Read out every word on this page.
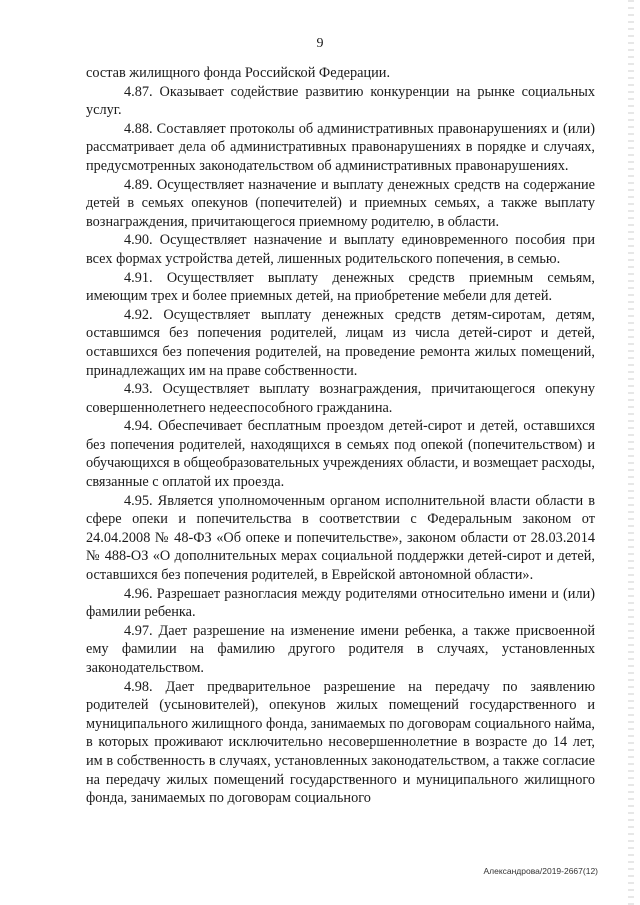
9

состав жилищного фонда Российской Федерации.

4.87. Оказывает содействие развитию конкуренции на рынке социальных услуг.

4.88. Составляет протоколы об административных правонарушениях и (или) рассматривает дела об административных правонарушениях в порядке и случаях, предусмотренных законодательством об административных правонарушениях.

4.89. Осуществляет назначение и выплату денежных средств на содержание детей в семьях опекунов (попечителей) и приемных семьях, а также выплату вознаграждения, причитающегося приемному родителю, в области.

4.90. Осуществляет назначение и выплату единовременного пособия при всех формах устройства детей, лишенных родительского попечения, в семью.

4.91. Осуществляет выплату денежных средств приемным семьям, имеющим трех и более приемных детей, на приобретение мебели для детей.

4.92. Осуществляет выплату денежных средств детям-сиротам, детям, оставшимся без попечения родителей, лицам из числа детей-сирот и детей, оставшихся без попечения родителей, на проведение ремонта жилых помещений, принадлежащих им на праве собственности.

4.93. Осуществляет выплату вознаграждения, причитающегося опекуну совершеннолетнего недееспособного гражданина.

4.94. Обеспечивает бесплатным проездом детей-сирот и детей, оставшихся без попечения родителей, находящихся в семьях под опекой (попечительством) и обучающихся в общеобразовательных учреждениях области, и возмещает расходы, связанные с оплатой их проезда.

4.95. Является уполномоченным органом исполнительной власти области в сфере опеки и попечительства в соответствии с Федеральным законом от 24.04.2008 № 48-ФЗ «Об опеке и попечительстве», законом области от 28.03.2014 № 488-ОЗ «О дополнительных мерах социальной поддержки детей-сирот и детей, оставшихся без попечения родителей, в Еврейской автономной области».

4.96. Разрешает разногласия между родителями относительно имени и (или) фамилии ребенка.

4.97. Дает разрешение на изменение имени ребенка, а также присвоенной ему фамилии на фамилию другого родителя в случаях, установленных законодательством.

4.98. Дает предварительное разрешение на передачу по заявлению родителей (усыновителей), опекунов жилых помещений государственного и муниципального жилищного фонда, занимаемых по договорам социального найма, в которых проживают исключительно несовершеннолетние в возрасте до 14 лет, им в собственность в случаях, установленных законодательством, а также согласие на передачу жилых помещений государственного и муниципального жилищного фонда, занимаемых по договорам социального

Александрова/2019-2667(12)
